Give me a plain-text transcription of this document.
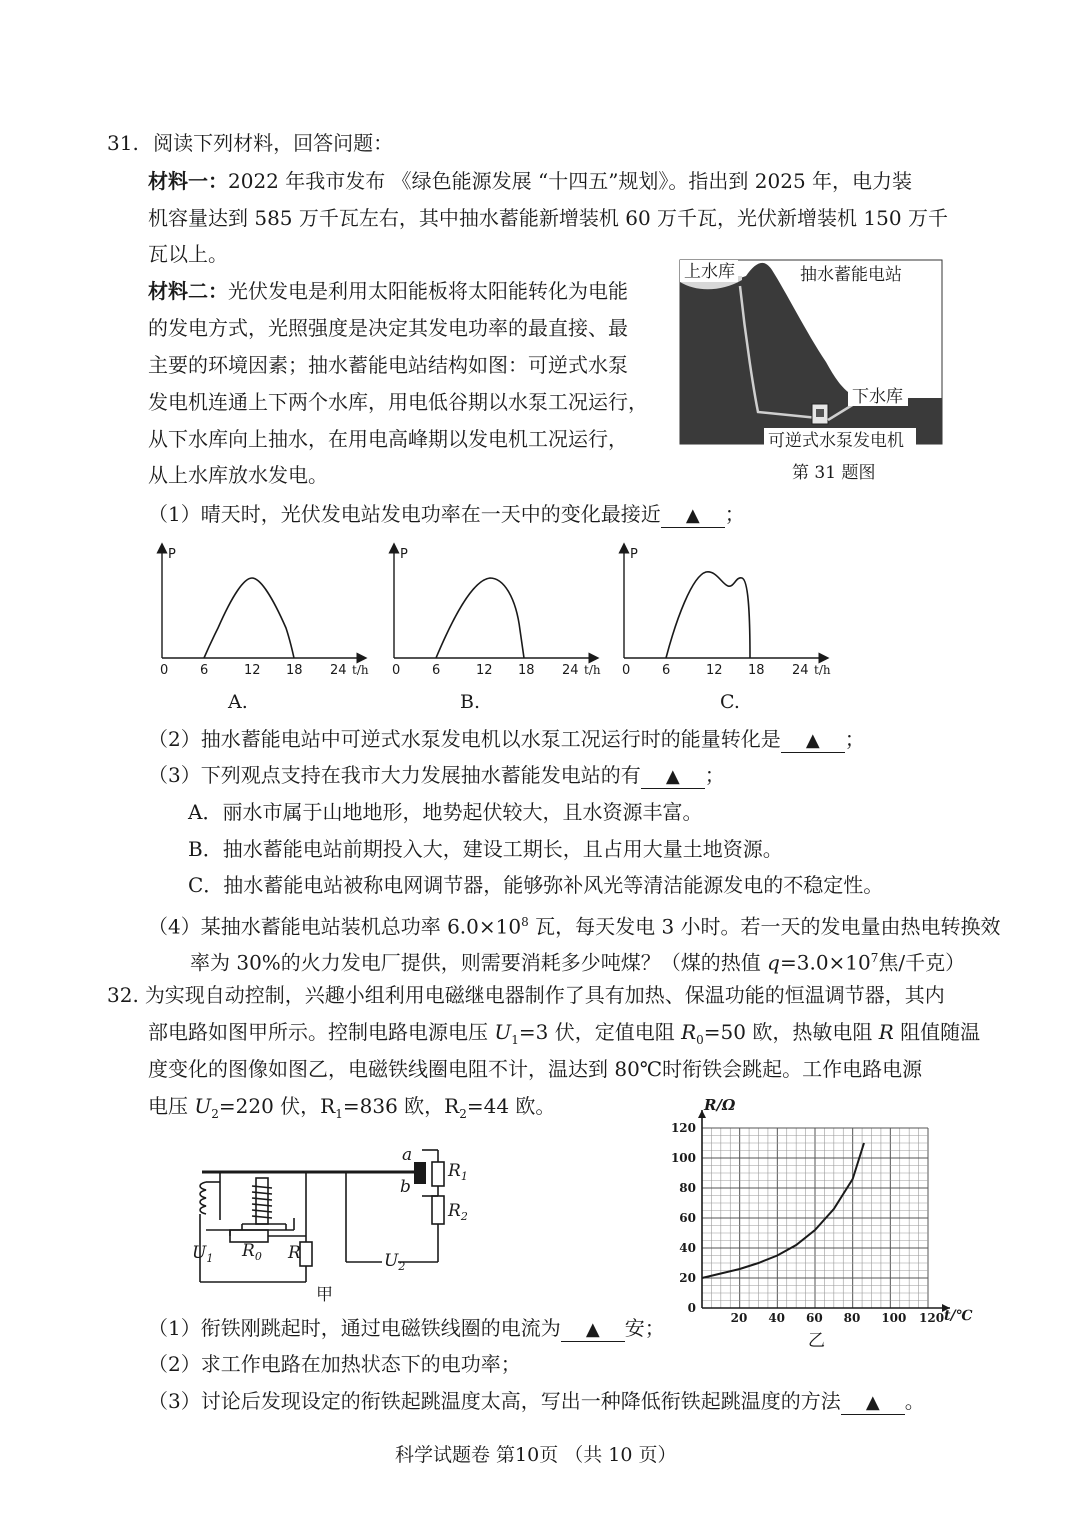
31. 阅读下列材料，回答问题：
材料一：2022 年我市发布 《绿色能源发展 “十四五”规划》。指出到 2025 年，电力装
机容量达到 585 万千瓦左右，其中抽水蓄能新增装机 60 万千瓦，光伏新增装机 150 万千
瓦以上。
材料二：光伏发电是利用太阳能板将太阳能转化为电能
的发电方式，光照强度是决定其发电功率的最直接、最
主要的环境因素；抽水蓄能电站结构如图：可逆式水泵
发电机连通上下两个水库，用电低谷期以水泵工况运行，
从下水库向上抽水，在用电高峰期以发电机工况运行，
从上水库放水发电。
上水库	抽水蓄能电站
下水库
可逆式水泵发电机
第 31 题图
（1）晴天时，光伏发电站发电功率在一天中的变化最接近 ▲ ；
P
0 6	12 18 24 t/h
A.
P
0 6	12 18 24 t/h
B.
P
0 6	12 18 24 t/h
C.
（2）抽水蓄能电站中可逆式水泵发电机以水泵工况运行时的能量转化是 ▲ ；
（3）下列观点支持在我市大力发展抽水蓄能发电站的有 ▲ ；
A．丽水市属于山地地形，地势起伏较大，且水资源丰富。
B．抽水蓄能电站前期投入大，建设工期长，且占用大量土地资源。
C．抽水蓄能电站被称电网调节器，能够弥补风光等清洁能源发电的不稳定性。
（4）某抽水蓄能电站装机总功率 $6.0\times 10^8$ 瓦，每天发电 3 小时。若一天的发电量由热电转换效
率为 30%的火力发电厂提供，则需要消耗多少吨煤？（煤的热值 $q=3.0\times 10^7$焦/千克）
32. 为实现自动控制，兴趣小组利用电磁继电器制作了具有加热、保温功能的恒温调节器，其内
部电路如图甲所示。控制电路电源电压 $U_1=3$ 伏，定值电阻 $R_0=50$ 欧，热敏电阻 R 阻值随温
度变化的图像如图乙，电磁铁线圈电阻不计，温达到 80℃时衔铁会跳起。工作电路电源
电压 $U_2=220$ 伏，$R_1=836$ 欧，$R_2=44$ 欧。
a
b
$R_1$
$R_2$
$R_0$ R
$U_1$	$U_2$
甲
20 40 60 80 100 120
0
20
40
60
80
100
120
R/Ω
t/℃
乙
（1）衔铁刚跳起时，通过电磁铁线圈的电流为 ▲ 安；
（2）求工作电路在加热状态下的电功率；
（3）讨论后发现设定的衔铁起跳温度太高，写出一种降低衔铁起跳温度的方法 ▲ 。
科学试题卷 第10页 （共 10 页）
